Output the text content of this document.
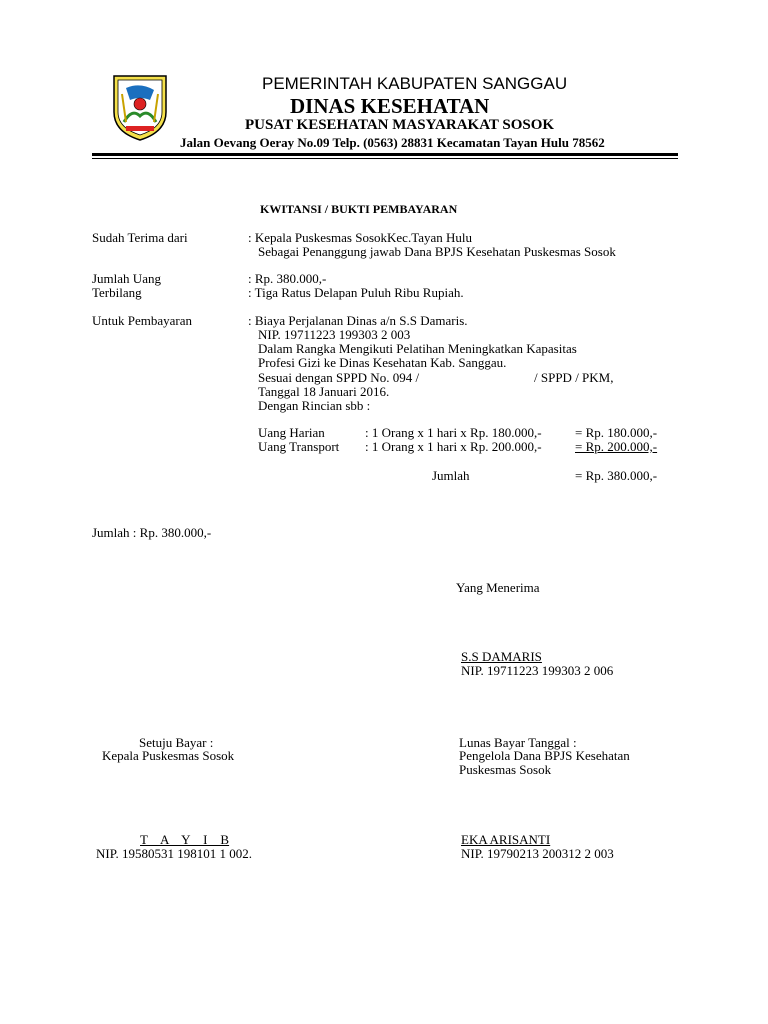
PEMERINTAH KABUPATEN SANGGAU
DINAS KESEHATAN
PUSAT KESEHATAN MASYARAKAT SOSOK
Jalan Oevang Oeray No.09 Telp. (0563) 28831 Kecamatan Tayan Hulu 78562
KWITANSI / BUKTI PEMBAYARAN
Sudah Terima dari	: Kepala Puskesmas SosokKec.Tayan Hulu
Sebagai Penanggung jawab Dana BPJS Kesehatan Puskesmas Sosok
Jumlah Uang	: Rp. 380.000,-
Terbilang	: Tiga Ratus Delapan Puluh Ribu Rupiah.
Untuk Pembayaran	: Biaya Perjalanan Dinas a/n S.S Damaris.
NIP. 19711223 199303 2 003
Dalam Rangka Mengikuti Pelatihan Meningkatkan Kapasitas
Profesi Gizi ke Dinas Kesehatan Kab. Sanggau.
Sesuai dengan SPPD No. 094 /	/ SPPD / PKM,
Tanggal 18 Januari 2016.
Dengan Rincian sbb :
Uang Harian	: 1 Orang x 1 hari x Rp. 180.000,-	= Rp. 180.000,-
Uang Transport : 1 Orang x 1 hari x Rp. 200.000,-	= Rp. 200.000,-
Jumlah	= Rp. 380.000,-
Jumlah : Rp. 380.000,-
Yang Menerima
S.S DAMARIS
NIP. 19711223 199303 2 006
Setuju Bayar :
Kepala Puskesmas Sosok
T    A    Y    I    B
NIP. 19580531 198101 1 002.
Lunas Bayar Tanggal :
Pengelola Dana BPJS Kesehatan
Puskesmas Sosok
EKA ARISANTI
NIP. 19790213 200312 2 003
